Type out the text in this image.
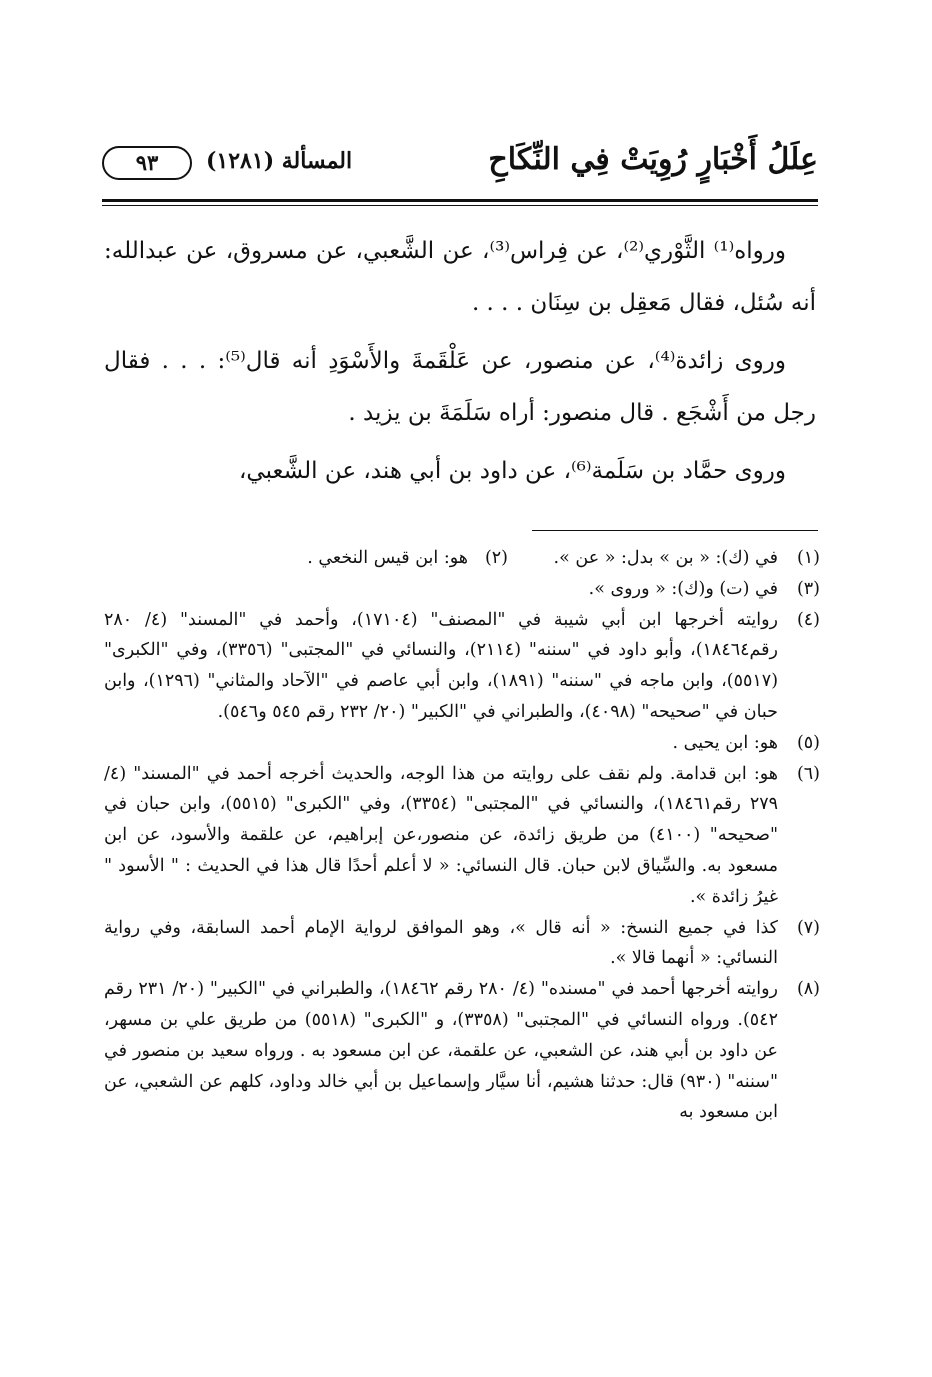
عِلَلُ أَخْبَارٍ رُوِيَتْ فِي النِّكَاحِ
المسألة (١٢٨١)
٩٣

ورواه⁽¹⁾ الثَّوْري⁽²⁾، عن فِراس⁽³⁾، عن الشَّعبي، عن مسروق، عن عبدالله: أنه سُئل، فقال مَعقِل بن سِنَان . . . .

وروى زائدة⁽⁴⁾، عن منصور، عن عَلْقَمةَ والأَسْوَدِ أنه قال⁽⁵⁾: . . . فقال رجل من أَشْجَع . قال منصور: أراه سَلَمَةَ بن يزيد .

وروى حمَّاد بن سَلَمة⁽⁶⁾، عن داود بن أبي هند، عن الشَّعبي،

(١)
في (ك): « بن » بدل: « عن ».
(٢)
هو: ابن قيس النخعي .
(٣)
في (ت) و(ك): « وروى ».
(٤)
روايته أخرجها ابن أبي شيبة في "المصنف" (١٧١٠٤)، وأحمد في "المسند" (٤/ ٢٨٠ رقم١٨٤٦٤)، وأبو داود في "سننه" (٢١١٤)، والنسائي في "المجتبى" (٣٣٥٦)، وفي "الكبرى" (٥٥١٧)، وابن ماجه في "سننه" (١٨٩١)، وابن أبي عاصم في "الآحاد والمثاني" (١٢٩٦)، وابن حبان في "صحيحه" (٤٠٩٨)، والطبراني في "الكبير" (٢٠/ ٢٣٢ رقم ٥٤٥ و٥٤٦).
(٥)
هو: ابن يحيى .
(٦)
هو: ابن قدامة. ولم نقف على روايته من هذا الوجه، والحديث أخرجه أحمد في "المسند" (٤/ ٢٧٩ رقم١٨٤٦١)، والنسائي في "المجتبى" (٣٣٥٤)، وفي "الكبرى" (٥٥١٥)، وابن حبان في "صحيحه" (٤١٠٠) من طريق زائدة، عن منصور،عن إبراهيم، عن علقمة والأسود، عن ابن مسعود به. والسِّياق لابن حبان. قال النسائي: « لا أعلم أحدًا قال هذا في الحديث : " الأسود " غيرُ زائدة ».
(٧)
كذا في جميع النسخ: « أنه قال »، وهو الموافق لرواية الإمام أحمد السابقة، وفي رواية النسائي: « أنهما قالا ».
(٨)
روايته أخرجها أحمد في "مسنده" (٤/ ٢٨٠ رقم ١٨٤٦٢)، والطبراني في "الكبير" (٢٠/ ٢٣١ رقم ٥٤٢). ورواه النسائي في "المجتبى" (٣٣٥٨)، و "الكبرى" (٥٥١٨) من طريق علي بن مسهر، عن داود بن أبي هند، عن الشعبي، عن علقمة، عن ابن مسعود به . ورواه سعيد بن منصور في "سننه" (٩٣٠) قال: حدثنا هشيم، أنا سيَّار وإسماعيل بن أبي خالد وداود، كلهم عن الشعبي، عن ابن مسعود به
